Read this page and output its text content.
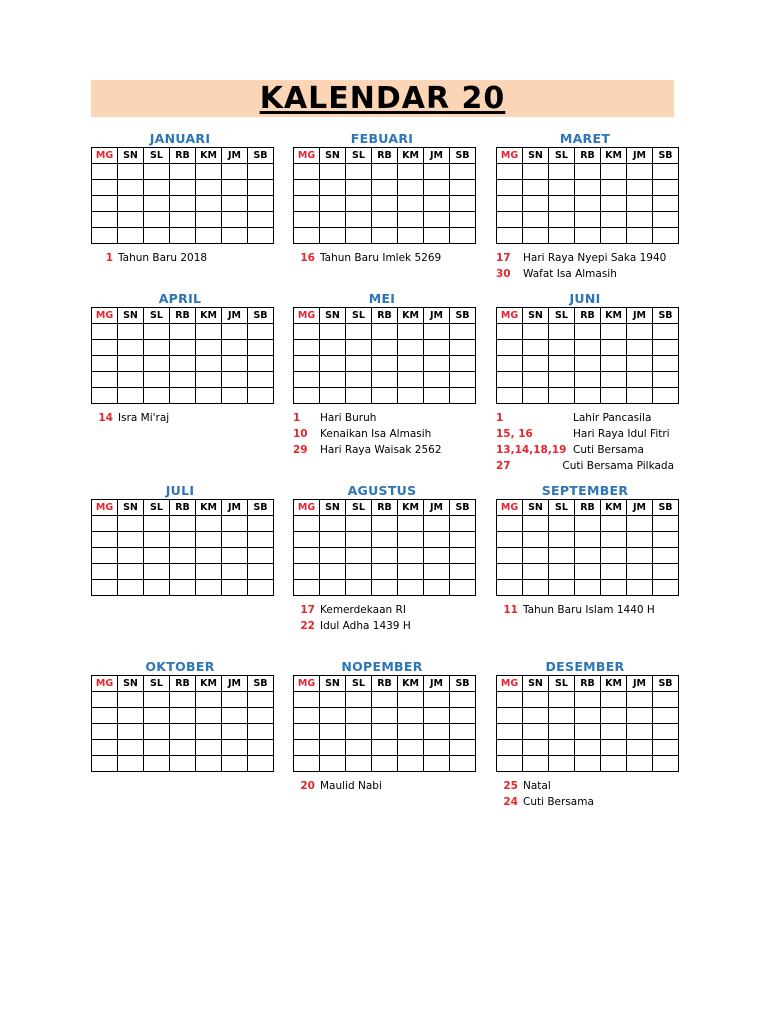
KALENDAR 20
JANUARI
MG	SN	SL	RB	KM	JM	SB

1 Tahun Baru 2018
FEBUARI
MG	SN	SL	RB	KM	JM	SB

16 Tahun Baru Imlek 5269
MARET
MG	SN	SL	RB	KM	JM	SB

17	Hari Raya Nyepi Saka 1940
30	Wafat Isa Almasih
APRIL
MG	SN	SL	RB	KM	JM	SB

14 Isra Mi'raj
MEI
MG	SN	SL	RB	KM	JM	SB

1	Hari Buruh
10	Kenaikan Isa Almasih
29	Hari Raya Waisak 2562
JUNI
MG	SN	SL	RB	KM	JM	SB

1	Lahir Pancasila
15, 16	Hari Raya Idul Fitri
13,14,18,19 Cuti Bersama
27	Cuti Bersama Pilkada
JULI
MG	SN	SL	RB	KM	JM	SB

AGUSTUS
MG	SN	SL	RB	KM	JM	SB

17 Kemerdekaan RI
22 Idul Adha 1439 H
SEPTEMBER
MG	SN	SL	RB	KM	JM	SB

11 Tahun Baru Islam 1440 H
OKTOBER
MG	SN	SL	RB	KM	JM	SB

NOPEMBER
MG	SN	SL	RB	KM	JM	SB

20 Maulid Nabi
DESEMBER
MG	SN	SL	RB	KM	JM	SB

25 Natal
24 Cuti Bersama
